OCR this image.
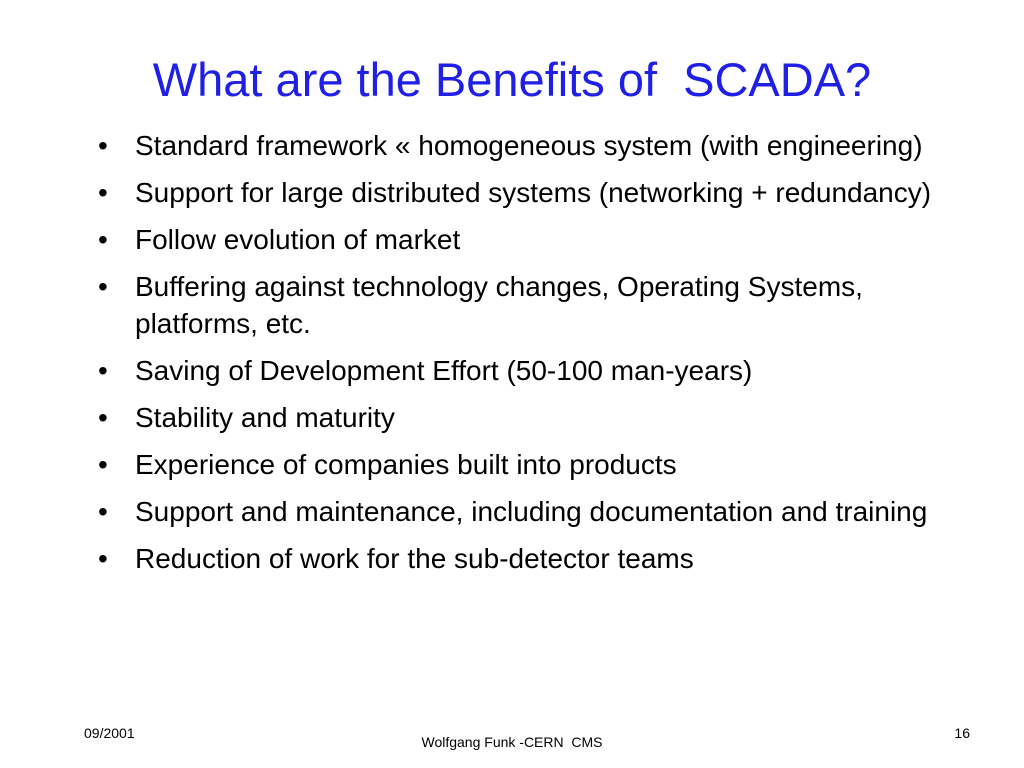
What are the Benefits of  SCADA?
• Standard framework « homogeneous system (with engineering)
• Support for large distributed systems (networking + redundancy)
• Follow evolution of market
• Buffering against technology changes, Operating Systems, platforms, etc.
• Saving of Development Effort (50-100 man-years)
• Stability and maturity
• Experience of companies built into products
• Support and maintenance, including documentation and training
• Reduction of work for the sub-detector teams
09/2001
Wolfgang Funk -CERN  CMS
16
